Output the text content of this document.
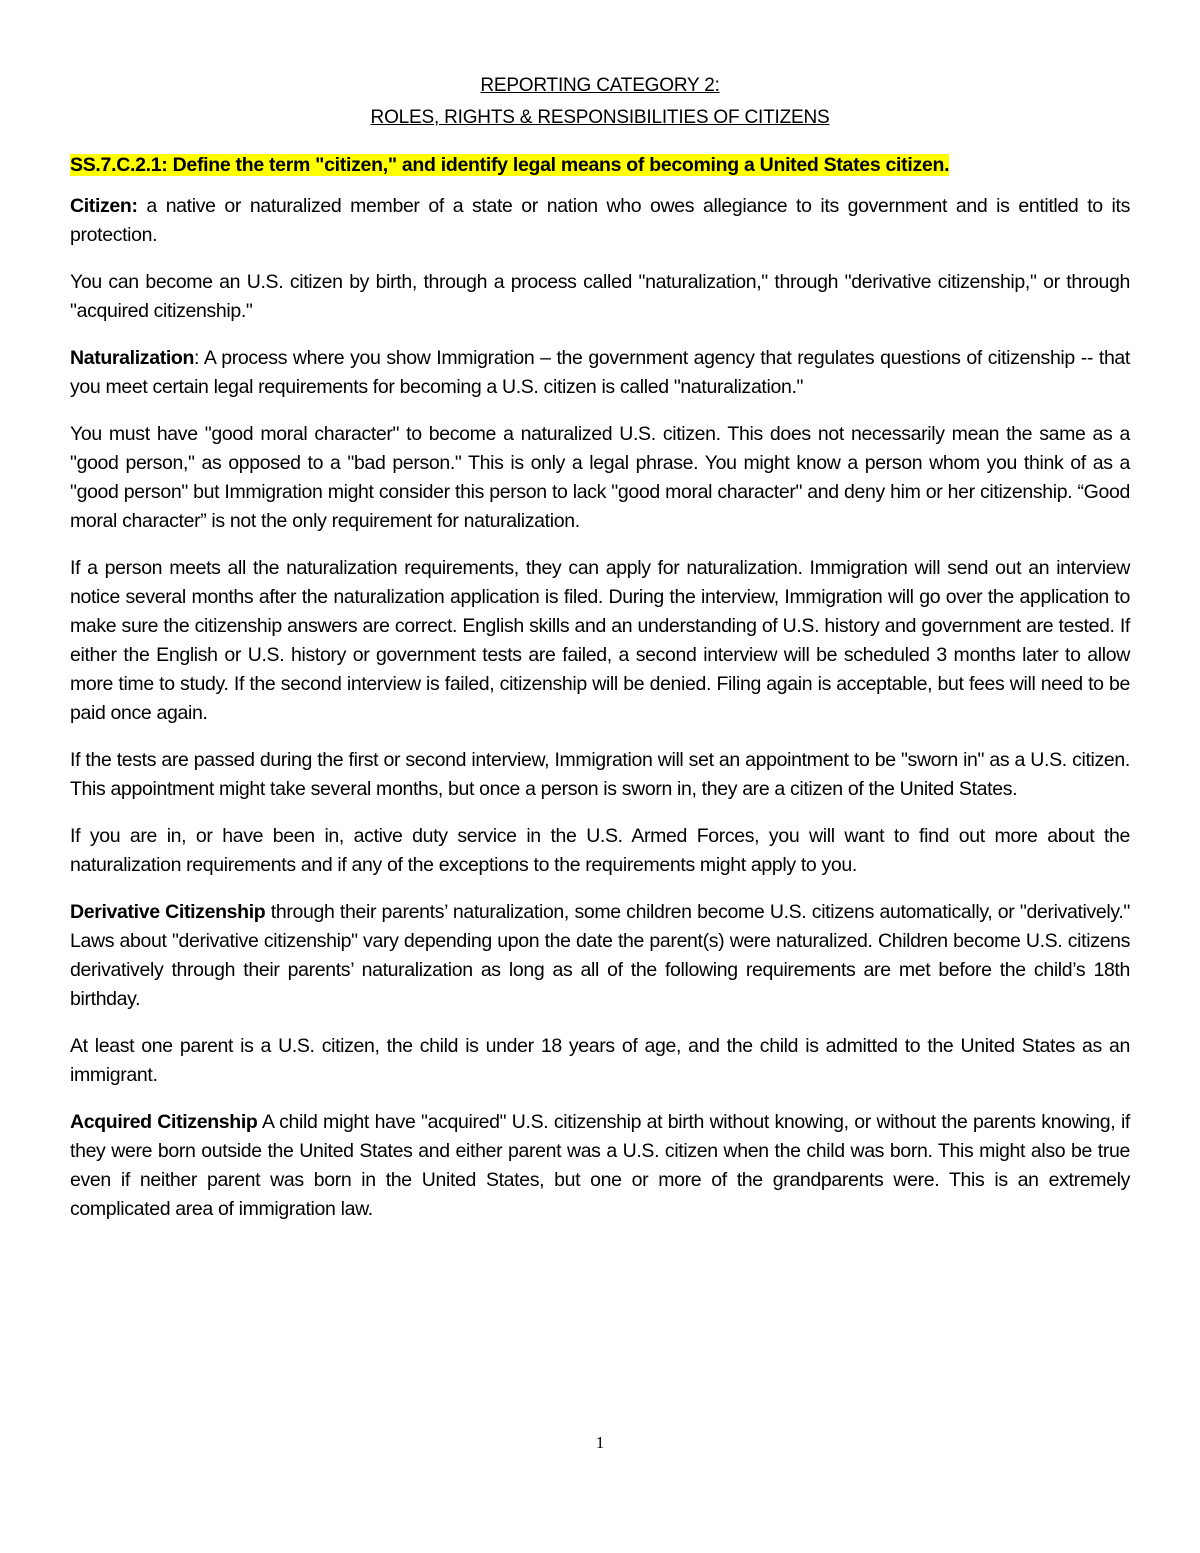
REPORTING CATEGORY 2:
ROLES, RIGHTS & RESPONSIBILITIES OF CITIZENS
SS.7.C.2.1: Define the term "citizen," and identify legal means of becoming a United States citizen.

Citizen: a native or naturalized member of a state or nation who owes allegiance to its government and is entitled to its protection.

You can become an U.S. citizen by birth, through a process called "naturalization," through "derivative citizenship," or through "acquired citizenship."

Naturalization: A process where you show Immigration – the government agency that regulates questions of citizenship -- that you meet certain legal requirements for becoming a U.S. citizen is called "naturalization."

You must have "good moral character" to become a naturalized U.S. citizen. This does not necessarily mean the same as a "good person," as opposed to a "bad person." This is only a legal phrase. You might know a person whom you think of as a "good person" but Immigration might consider this person to lack "good moral character" and deny him or her citizenship. “Good moral character” is not the only requirement for naturalization.

If a person meets all the naturalization requirements, they can apply for naturalization. Immigration will send out an interview notice several months after the naturalization application is filed. During the interview, Immigration will go over the application to make sure the citizenship answers are correct. English skills and an understanding of U.S. history and government are tested. If either the English or U.S. history or government tests are failed, a second interview will be scheduled 3 months later to allow more time to study. If the second interview is failed, citizenship will be denied. Filing again is acceptable, but fees will need to be paid once again.

If the tests are passed during the first or second interview, Immigration will set an appointment to be "sworn in" as a U.S. citizen. This appointment might take several months, but once a person is sworn in, they are a citizen of the United States.

If you are in, or have been in, active duty service in the U.S. Armed Forces, you will want to find out more about the naturalization requirements and if any of the exceptions to the requirements might apply to you.

Derivative Citizenship through their parents’ naturalization, some children become U.S. citizens automatically, or "derivatively." Laws about "derivative citizenship" vary depending upon the date the parent(s) were naturalized. Children become U.S. citizens derivatively through their parents’ naturalization as long as all of the following requirements are met before the child’s 18th birthday.

At least one parent is a U.S. citizen, the child is under 18 years of age, and the child is admitted to the United States as an immigrant.

Acquired Citizenship A child might have "acquired" U.S. citizenship at birth without knowing, or without the parents knowing, if they were born outside the United States and either parent was a U.S. citizen when the child was born. This might also be true even if neither parent was born in the United States, but one or more of the grandparents were. This is an extremely complicated area of immigration law.

1
